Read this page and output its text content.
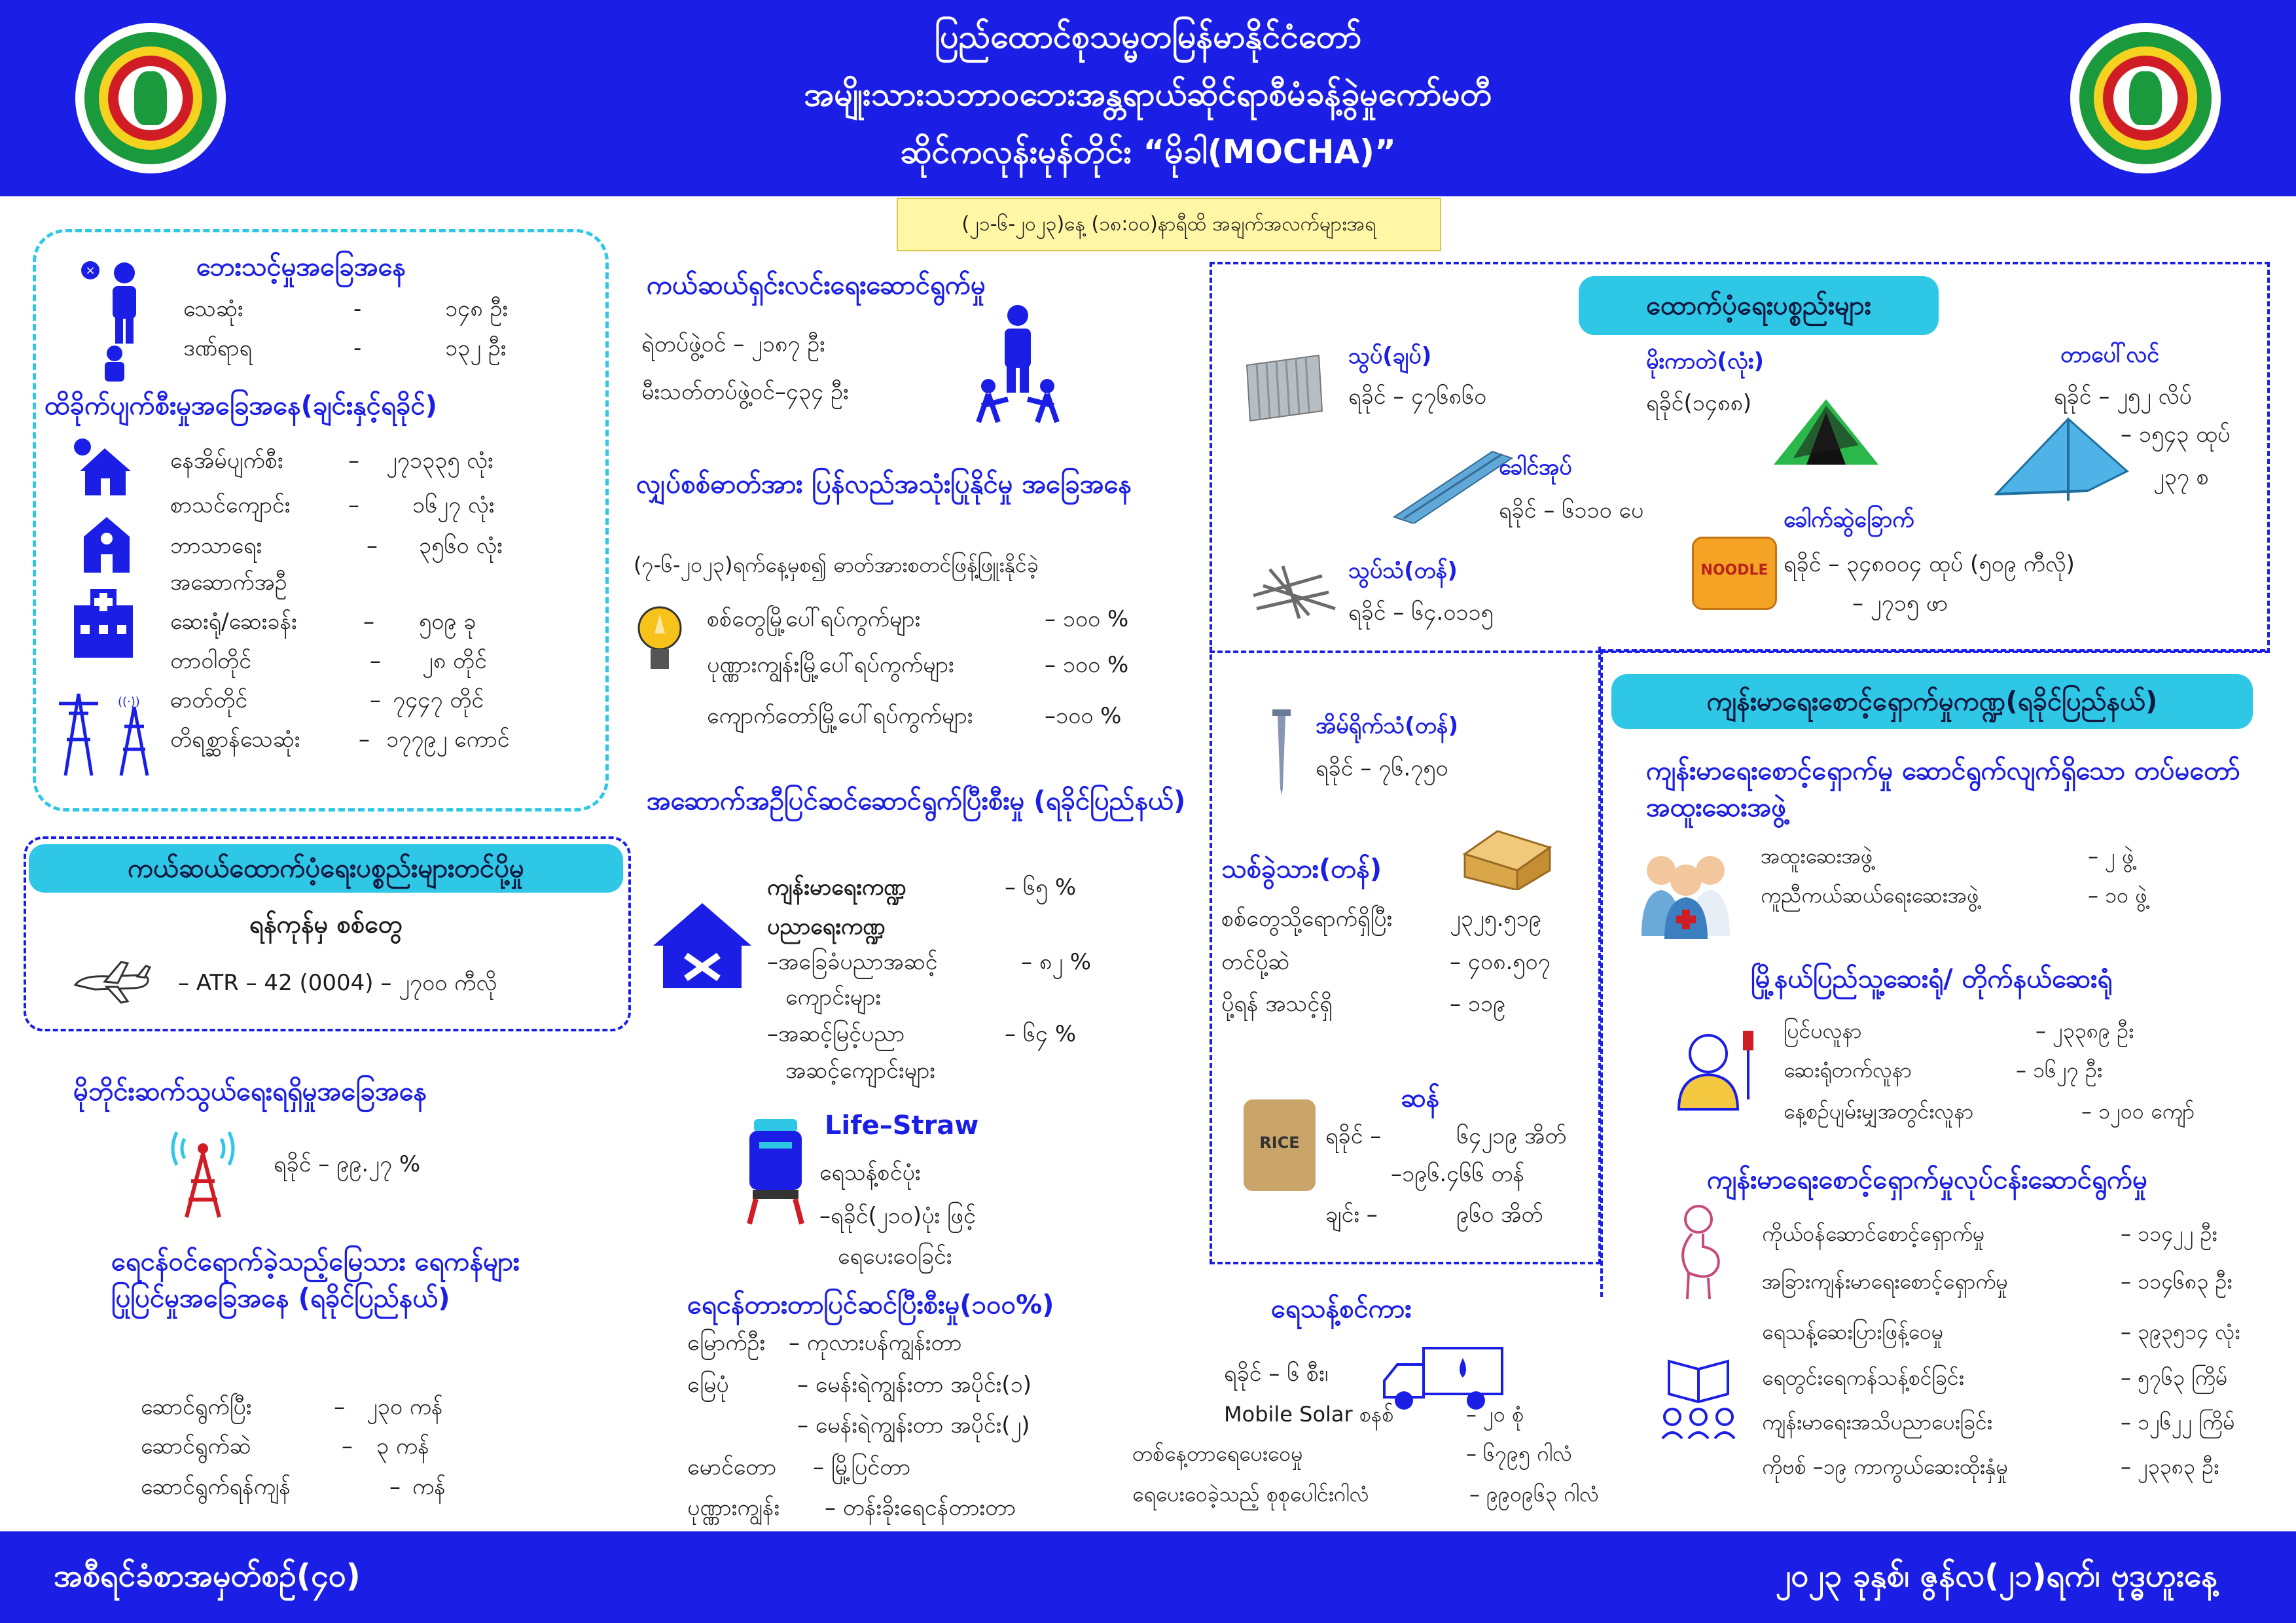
ပြည်ထောင်စုသမ္မတမြန်မာနိုင်ငံတော်
အမျိုးသားသဘာဝဘေးအန္တရာယ်ဆိုင်ရာစီမံခန့်ခွဲမှုကော်မတီ
ဆိုင်ကလုန်းမုန်တိုင်း “မိုခါ(MOCHA)”
(၂၁-၆-၂၀၂၃)နေ့ (၁၈:၀၀)နာရီထိ အချက်အလက်များအရ
×	ဘေးသင့်မှုအခြေအနေ
သေဆုံး	-	၁၄၈ ဦး
ဒဏ်ရာရ	-	၁၃၂ ဦး
ထိခိုက်ပျက်စီးမှုအခြေအနေ(ချင်းနှင့်ရခိုင်)
((·))
နေအိမ်ပျက်စီး	– ၂၇၁၃၃၅ လုံး
စာသင်ကျောင်း	– ၁၆၂၇ လုံး
ဘာသာရေး	– ၃၅၆၀ လုံး
အဆောက်အဦ
ဆေးရုံ/ဆေးခန်း	– ၅၀၉ ခု
တာဝါတိုင်	– ၂၈ တိုင်
ဓာတ်တိုင်	– ၇၄၄၇ တိုင်
တိရစ္ဆာန်သေဆုံး	– ၁၇၇၉၂ ကောင်
ကယ်ဆယ်ထောက်ပံ့ရေးပစ္စည်းများတင်ပို့မှု
ရန်ကုန်မှ စစ်တွေ
– ATR – 42 (0004) – ၂၇၀၀ ကီလို
မိုဘိုင်းဆက်သွယ်ရေးရရှိမှုအခြေအနေ
ရခိုင် – ၉၉.၂၇ %
ရေငန်ဝင်ရောက်ခဲ့သည့်မြေသား ရေကန်များ ပြုပြင်မှုအခြေအနေ (ရခိုင်ပြည်နယ်)
ဆောင်ရွက်ပြီး	– ၂၃၀ ကန်
ဆောင်ရွက်ဆဲ	– ၃ ကန်
ဆောင်ရွက်ရန်ကျန်	– ကန်
ကယ်ဆယ်ရှင်းလင်းရေးဆောင်ရွက်မှု
ရဲတပ်ဖွဲ့ဝင် – ၂၁၈၇ ဦး
မီးသတ်တပ်ဖွဲ့ဝင်–၄၃၄ ဦး
လျှပ်စစ်ဓာတ်အား ပြန်လည်အသုံးပြုနိုင်မှု အခြေအနေ
(၇-၆-၂၀၂၃)ရက်နေ့မှစ၍ ဓာတ်အားစတင်ဖြန့်ဖြူးနိုင်ခဲ့
စစ်တွေမြို့ပေါ်ရပ်ကွက်များ	– ၁၀၀ %
ပုဏ္ဏားကျွန်းမြို့ပေါ်ရပ်ကွက်များ	– ၁၀၀ %
ကျောက်တော်မြို့ပေါ်ရပ်ကွက်များ	–၁၀၀ %
အဆောက်အဦပြင်ဆင်ဆောင်ရွက်ပြီးစီးမှု (ရခိုင်ပြည်နယ်)
ကျန်းမာရေးကဏ္ဍ	– ၆၅ %
ပညာရေးကဏ္ဍ
–အခြေခံပညာအဆင့်
ကျောင်းများ
– ၈၂ %
–အဆင့်မြင့်ပညာ
အဆင့်ကျောင်းများ
– ၆၄ %
Life–Straw
ရေသန့်စင်ပုံး
–ရခိုင်(၂၁၀)ပုံး ဖြင့်
ရေပေးဝေခြင်း
ရေငန်တားတာပြင်ဆင်ပြီးစီးမှု(၁၀၀%)
မြောက်ဦး – ကုလားပန်ကျွန်းတာ
မြေပုံ	– မေန်းရဲကျွန်းတာ အပိုင်း(၁)
– မေန်းရဲကျွန်းတာ အပိုင်း(၂)
မောင်တော – မြို့ပြင်တာ
ပုဏ္ဏားကျွန်း – တန်းခိုးရေငန်တားတာ
ထောက်ပံ့ရေးပစ္စည်းများ
သွပ်(ချပ်)
ရခိုင် – ၄၇၆၈၆၀
ခေါင်အုပ်
ရခိုင် – ၆၁၁၀ ပေ
သွပ်သံ(တန်)
ရခိုင် – ၆၄.၀၁၁၅
အိမ်ရိုက်သံ(တန်)
ရခိုင် – ၇၆.၇၅၀
သစ်ခွဲသား(တန်)
စစ်တွေသို့ရောက်ရှိပြီး	၂၃၂၅.၅၁၉
တင်ပို့ဆဲ	– ၄၀၈.၅၀၇
ပို့ရန် အသင့်ရှိ	– ၁၁၉
ဆန်
RICE	ရခိုင် –	၆၄၂၁၉ အိတ်
–၁၉၆.၄၆၆ တန်
ချင်း –	၉၆၀ အိတ်
မိုးကာတဲ(လုံး)
ရခိုင်(၁၄၈၈)
တာပေါ်လင်
ရခိုင် – ၂၅၂ လိပ်
– ၁၅၄၃ ထုပ်
၂၃၇ စ
ခေါက်ဆွဲခြောက်
ရခိုင် – ၃၄၈၀၀၄ ထုပ် (၅၀၉ ကီလို)
– ၂၇၁၅ ဖာ
NOODLE
ရေသန့်စင်ကား
ရခိုင် – ၆ စီး၊
Mobile Solar စနစ်	– ၂၀ စုံ
တစ်နေ့တာရေပေးဝေမှု	– ၆၇၉၅ ဂါလံ
ရေပေးဝေခဲ့သည့် စုစုပေါင်းဂါလံ	– ၉၉၀၉၆၃ ဂါလံ
ကျန်းမာရေးစောင့်ရှောက်မှုကဏ္ဍ(ရခိုင်ပြည်နယ်)
ကျန်းမာရေးစောင့်ရှောက်မှု ဆောင်ရွက်လျက်ရှိသော တပ်မတော်အထူးဆေးအဖွဲ့
အထူးဆေးအဖွဲ့	– ၂ ဖွဲ့
ကူညီကယ်ဆယ်ရေးဆေးအဖွဲ့	– ၁၀ ဖွဲ့
မြို့နယ်ပြည်သူ့ဆေးရုံ/ တိုက်နယ်ဆေးရုံ
ပြင်ပလူနာ	– ၂၃၃၈၉ ဦး
ဆေးရုံတက်လူနာ	– ၁၆၂၇ ဦး
နေ့စဉ်ပျမ်းမျှအတွင်းလူနာ	– ၁၂၀၀ ကျော်
ကျန်းမာရေးစောင့်ရှောက်မှုလုပ်ငန်းဆောင်ရွက်မှု
ကိုယ်ဝန်ဆောင်စောင့်ရှောက်မှု	– ၁၁၄၂၂ ဦး
အခြားကျန်းမာရေးစောင့်ရှောက်မှု	– ၁၁၄၆၈၃ ဦး
ရေသန့်ဆေးပြားဖြန့်ဝေမှု	– ၃၉၃၅၁၄ လုံး
ရေတွင်းရေကန်သန့်စင်ခြင်း	– ၅၇၆၃ ကြိမ်
ကျန်းမာရေးအသိပညာပေးခြင်း	– ၁၂၆၂၂ ကြိမ်
ကိုဗစ် –၁၉ ကာကွယ်ဆေးထိုးနှံမှု	– ၂၃၃၈၃ ဦး
အစီရင်ခံစာအမှတ်စဉ်(၄၀)	၂၀၂၃ ခုနှစ်၊ ဇွန်လ(၂၁)ရက်၊ ဗုဒ္ဓဟူးနေ့
